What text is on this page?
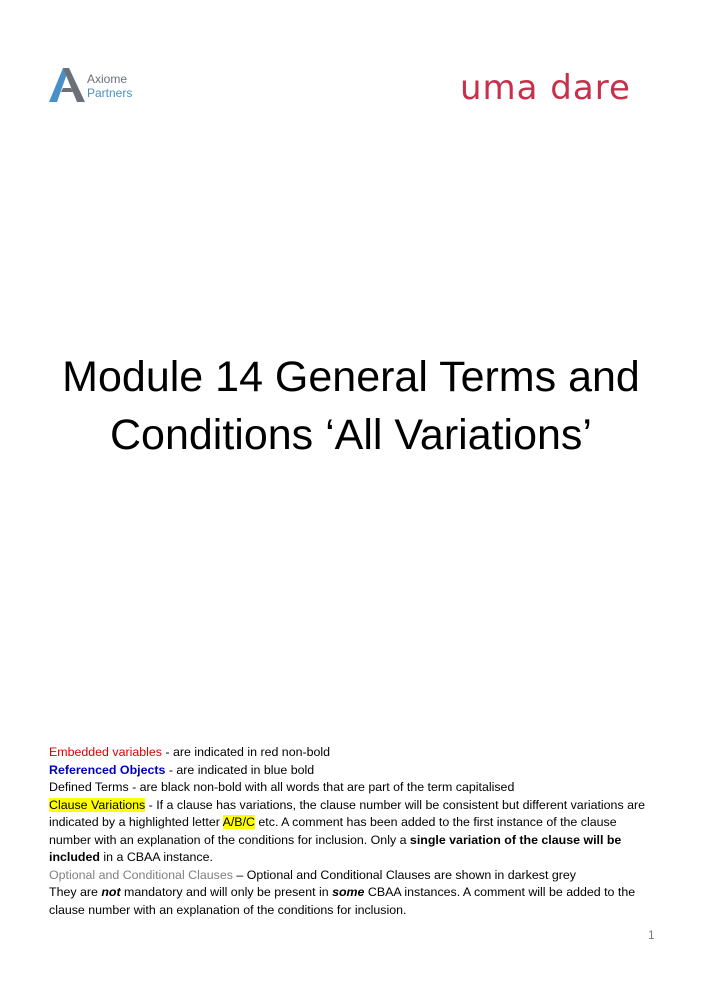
Axiome
Partners	uma dare
Module 14 General Terms and
Conditions ‘All Variations’

Embedded variables - are indicated in red non-bold

Referenced Objects - are indicated in blue bold

Defined Terms - are black non-bold with all words that are part of the term capitalised

Clause Variations - If a clause has variations, the clause number will be consistent but different variations are indicated by a highlighted letter A/B/C etc. A comment has been added to the first instance of the clause number with an explanation of the conditions for inclusion. Only a single variation of the clause will be included in a CBAA instance.

Optional and Conditional Clauses – Optional and Conditional Clauses are shown in darkest grey

They are not mandatory and will only be present in some CBAA instances. A comment will be added to the clause number with an explanation of the conditions for inclusion.

1
